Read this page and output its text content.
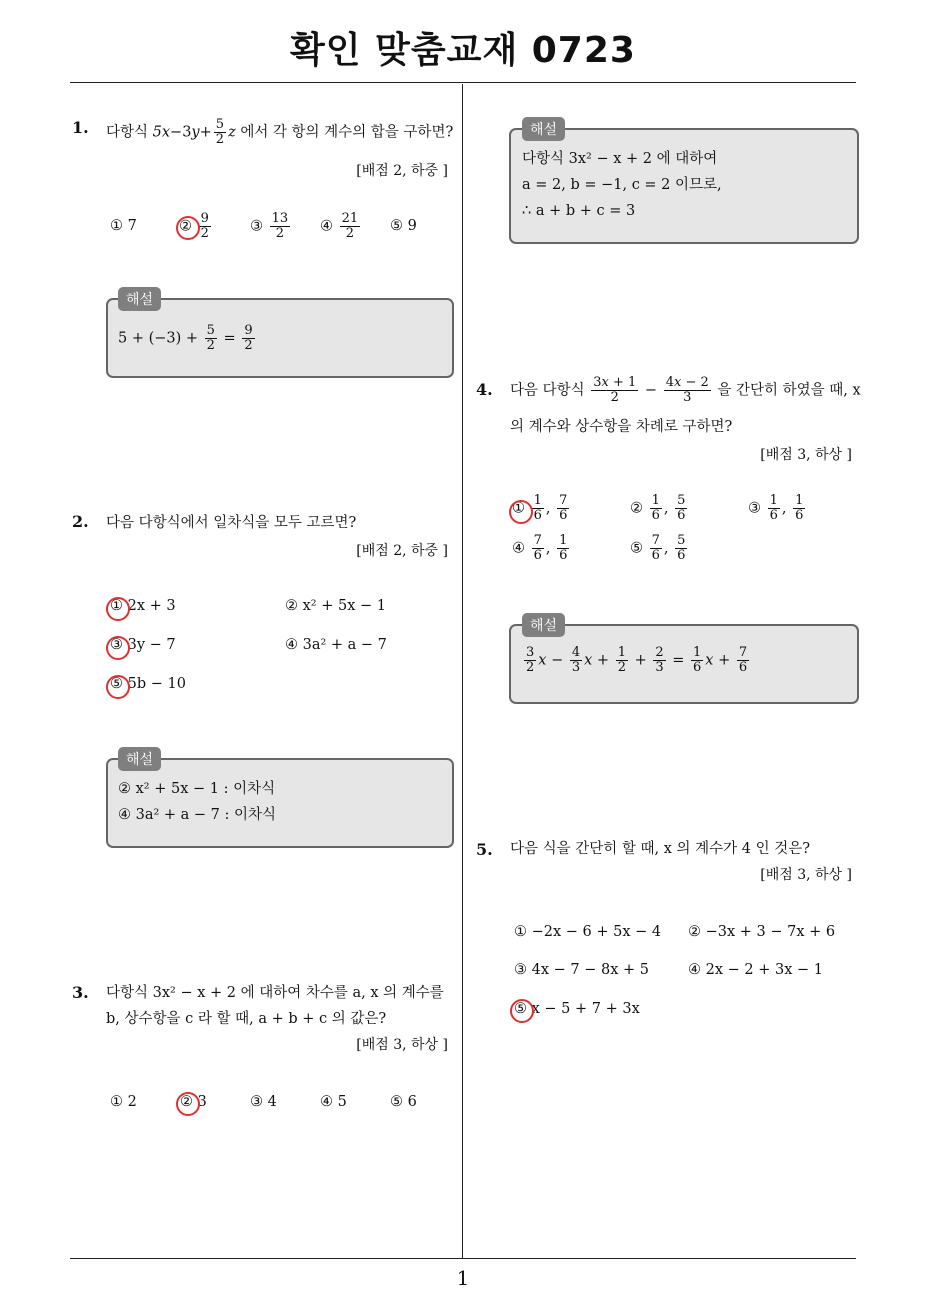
확인 맞춤교재 0723
1
1. 다항식 $5x-3y+ \frac{5}{2}$ z 에서 각 항의 계수의 합을 구하면?
[배점 2, 하중 ]
① 7	② $\frac{9}{2}$	③ $\frac{13}{2}$ ④ $\frac{21}{2}$ ⑤ 9
해설
$5 + (-3) + \frac{5}{2} = \frac{9}{2}$
2. 다음 다항식에서 일차식을 모두 고르면?
[배점 2, 하중 ]
① 2x + 3	② x² + 5x − 1
③ 3y − 7	④ 3a² + a − 7
⑤ 5b − 10
해설
② x² + 5x − 1 : 이차식
④ 3a² + a − 7 : 이차식
3. 다항식 3x² − x + 2 에 대하여 차수를 a, x 의 계수를
b, 상수항을 c 라 할 때, a + b + c 의 값은?
[배점 3, 하상 ]
① 2	② 3	③ 4	④ 5	⑤ 6
해설
다항식 3x² − x + 2 에 대하여
a = 2, b = −1, c = 2 이므로,
∴ a + b + c = 3
4. 다음 다항식 $\frac{3x + 1}{2} - \frac{4x - 2}{3}$ 을 간단히 하였을 때, x
의 계수와 상수항을 차례로 구하면?
[배점 3, 하상 ]
① $\frac{1}{6}$ , $\frac{7}{6}$	② $\frac{1}{6}$ , $\frac{5}{6}$	③ $\frac{1}{6}$ , $\frac{1}{6}$
④ $\frac{7}{6}$ , $\frac{1}{6}$	⑤ $\frac{7}{6}$ , $\frac{5}{6}$
해설
$\frac{3}{2}$ $x - \frac{4}{3}$ $x + \frac{1}{2} + \frac{2}{3} = \frac{1}{6}$ $x + \frac{7}{6}$
5. 다음 식을 간단히 할 때, x 의 계수가 4 인 것은?
[배점 3, 하상 ]
① −2x − 6 + 5x − 4 ② −3x + 3 − 7x + 6
③ 4x − 7 − 8x + 5	④ 2x − 2 + 3x − 1
⑤ x − 5 + 7 + 3x
